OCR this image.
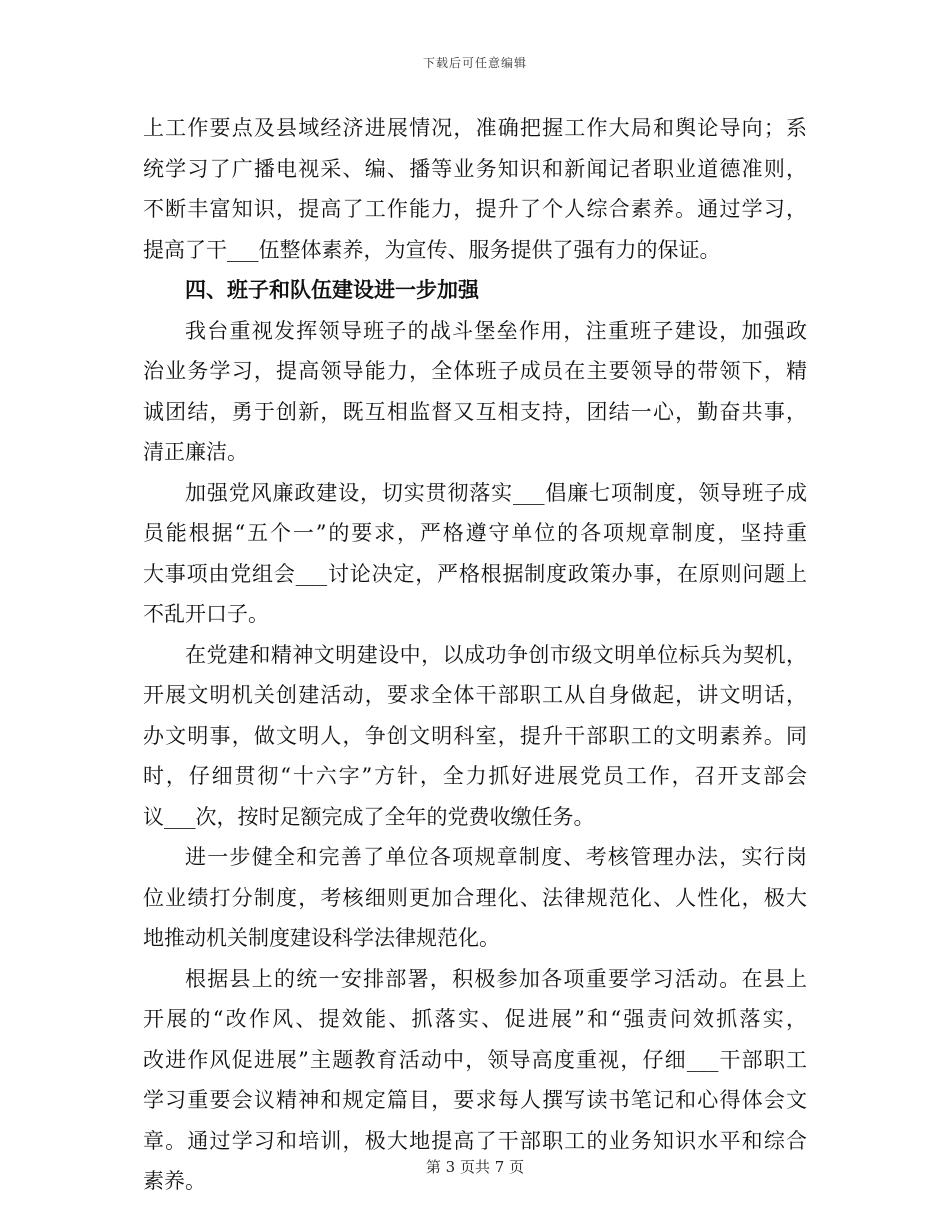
下载后可任意编辑
上工作要点及县域经济进展情况，准确把握工作大局和舆论导向；系
统学习了广播电视采、编、播等业务知识和新闻记者职业道德准则，
不断丰富知识，提高了工作能力，提升了个人综合素养。通过学习，
提高了干___伍整体素养，为宣传、服务提供了强有力的保证。
四、班子和队伍建设进一步加强
我台重视发挥领导班子的战斗堡垒作用，注重班子建设，加强政
治业务学习，提高领导能力，全体班子成员在主要领导的带领下，精
诚团结，勇于创新，既互相监督又互相支持，团结一心，勤奋共事，
清正廉洁。
加强党风廉政建设，切实贯彻落实___倡廉七项制度，领导班子成
员能根据“五个一”的要求，严格遵守单位的各项规章制度，坚持重
大事项由党组会___讨论决定，严格根据制度政策办事，在原则问题上
不乱开口子。
在党建和精神文明建设中，以成功争创市级文明单位标兵为契机，
开展文明机关创建活动，要求全体干部职工从自身做起，讲文明话，
办文明事，做文明人，争创文明科室，提升干部职工的文明素养。同
时，仔细贯彻“十六字”方针，全力抓好进展党员工作，召开支部会
议___次，按时足额完成了全年的党费收缴任务。
进一步健全和完善了单位各项规章制度、考核管理办法，实行岗
位业绩打分制度，考核细则更加合理化、法律规范化、人性化，极大
地推动机关制度建设科学法律规范化。
根据县上的统一安排部署，积极参加各项重要学习活动。在县上
开展的“改作风、提效能、抓落实、促进展”和“强责问效抓落实，
改进作风促进展”主题教育活动中，领导高度重视，仔细___干部职工
学习重要会议精神和规定篇目，要求每人撰写读书笔记和心得体会文
章。通过学习和培训，极大地提高了干部职工的业务知识水平和综合
素养。
第 3 页共 7 页
